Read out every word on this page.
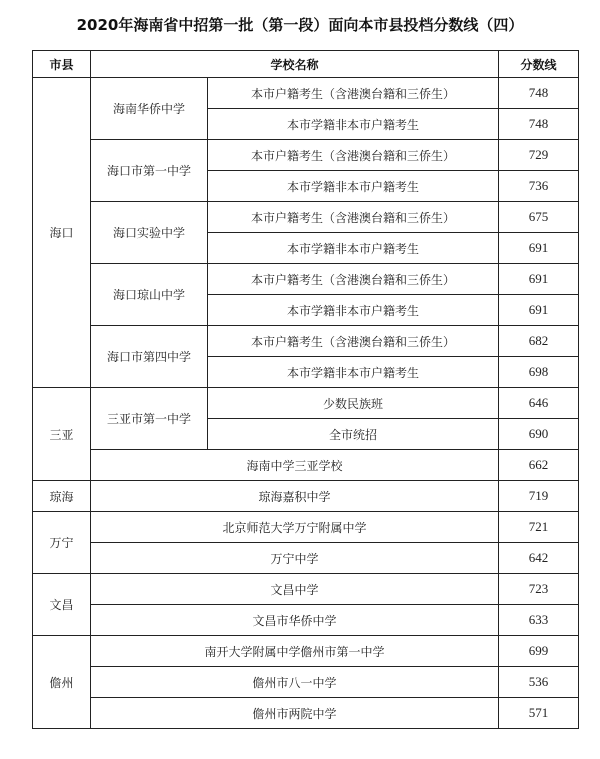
2020年海南省中招第一批（第一段）面向本市县投档分数线（四）
市县	学校名称		分数线
海口	海南华侨中学	本市户籍考生（含港澳台籍和三侨生）	748
		本市学籍非本市户籍考生	748
	海口市第一中学	本市户籍考生（含港澳台籍和三侨生）	729
		本市学籍非本市户籍考生	736
	海口实验中学	本市户籍考生（含港澳台籍和三侨生）	675
		本市学籍非本市户籍考生	691
	海口琼山中学	本市户籍考生（含港澳台籍和三侨生）	691
		本市学籍非本市户籍考生	691
	海口市第四中学	本市户籍考生（含港澳台籍和三侨生）	682
		本市学籍非本市户籍考生	698
三亚	三亚市第一中学	少数民族班	646
		全市统招	690
	海南中学三亚学校		662
琼海	琼海嘉积中学		719
万宁	北京师范大学万宁附属中学		721
	万宁中学		642
文昌	文昌中学		723
	文昌市华侨中学		633
儋州	南开大学附属中学儋州市第一中学		699
	儋州市八一中学		536
	儋州市两院中学		571
